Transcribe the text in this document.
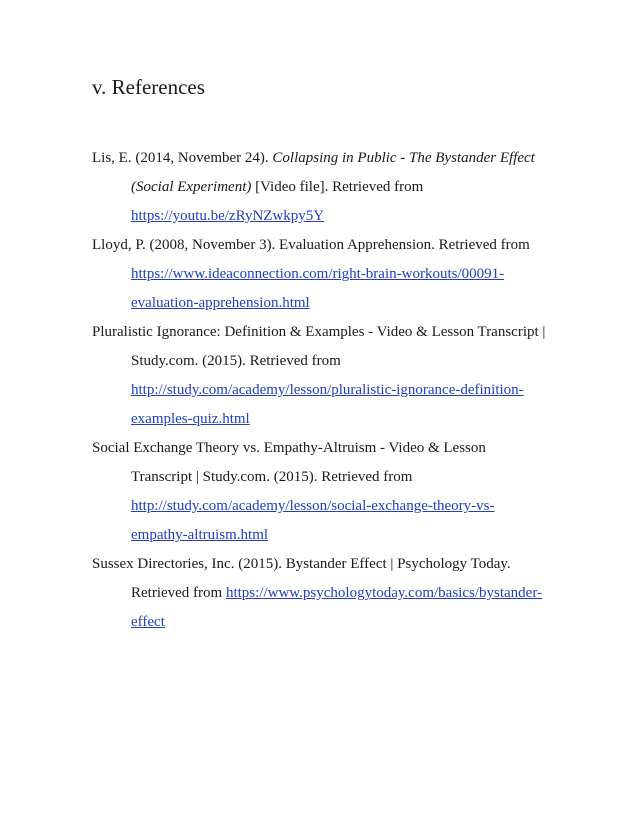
v. References
Lis, E. (2014, November 24). Collapsing in Public - The Bystander Effect
(Social Experiment) [Video file]. Retrieved from
https://youtu.be/zRyNZwkpy5Y
Lloyd, P. (2008, November 3). Evaluation Apprehension. Retrieved from
https://www.ideaconnection.com/right-brain-workouts/00091-
evaluation-apprehension.html
Pluralistic Ignorance: Definition & Examples - Video & Lesson Transcript |
Study.com. (2015). Retrieved from
http://study.com/academy/lesson/pluralistic-ignorance-definition-
examples-quiz.html
Social Exchange Theory vs. Empathy-Altruism - Video & Lesson
Transcript | Study.com. (2015). Retrieved from
http://study.com/academy/lesson/social-exchange-theory-vs-
empathy-altruism.html
Sussex Directories, Inc. (2015). Bystander Effect | Psychology Today.
Retrieved from https://www.psychologytoday.com/basics/bystander-
effect
